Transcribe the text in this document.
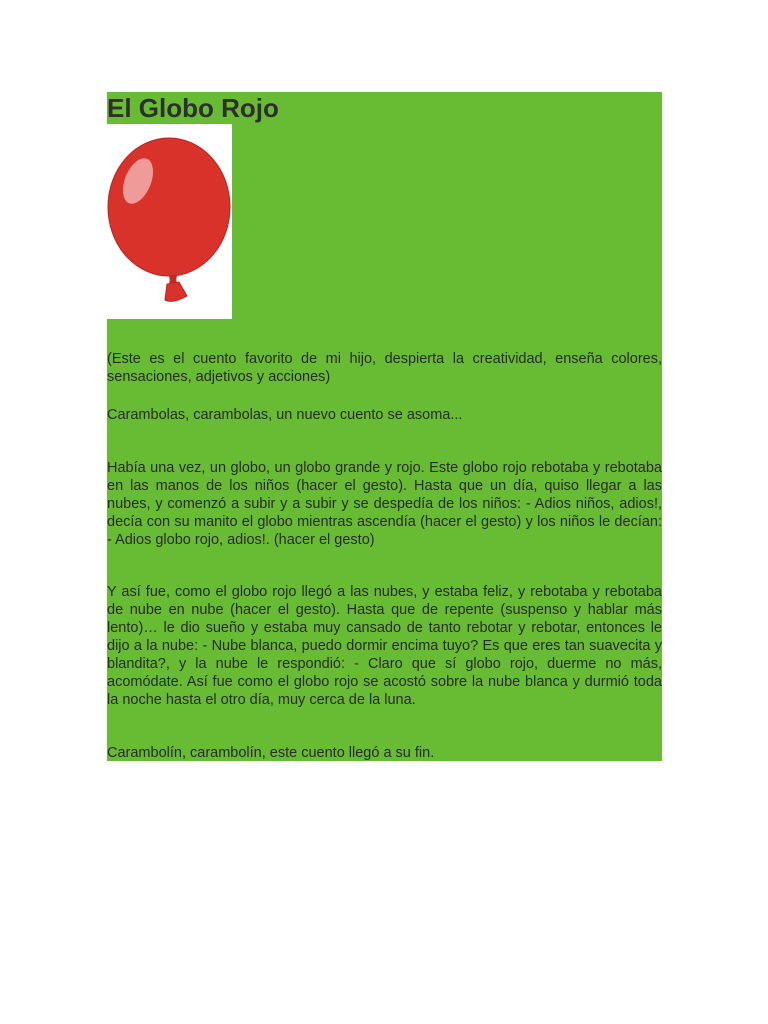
El Globo Rojo

(Este es el cuento favorito de mi hijo, despierta la creatividad, enseña colores, sensaciones, adjetivos y acciones)

Carambolas, carambolas, un nuevo cuento se asoma...

Había una vez, un globo, un globo grande y rojo. Este globo rojo rebotaba y rebotaba en las manos de los niños (hacer el gesto). Hasta que un día, quiso llegar a las nubes, y comenzó a subir y a subir y se despedía de los niños: - Adios niños, adios!, decía con su manito el globo mientras ascendía (hacer el gesto) y los niños le decían: - Adios globo rojo, adios!. (hacer el gesto)

Y así fue, como el globo rojo llegó a las nubes, y estaba feliz, y rebotaba y rebotaba de nube en nube (hacer el gesto). Hasta que de repente (suspenso y hablar más lento)… le dio sueño y estaba muy cansado de tanto rebotar y rebotar, entonces le dijo a la nube: - Nube blanca, puedo dormir encima tuyo? Es que eres tan suavecita y blandita?, y la nube le respondió: - Claro que sí globo rojo, duerme no más, acomódate. Así fue como el globo rojo se acostó sobre la nube blanca y durmió toda la noche hasta el otro día, muy cerca de la luna.

Carambolín, carambolín, este cuento llegó a su fin.
